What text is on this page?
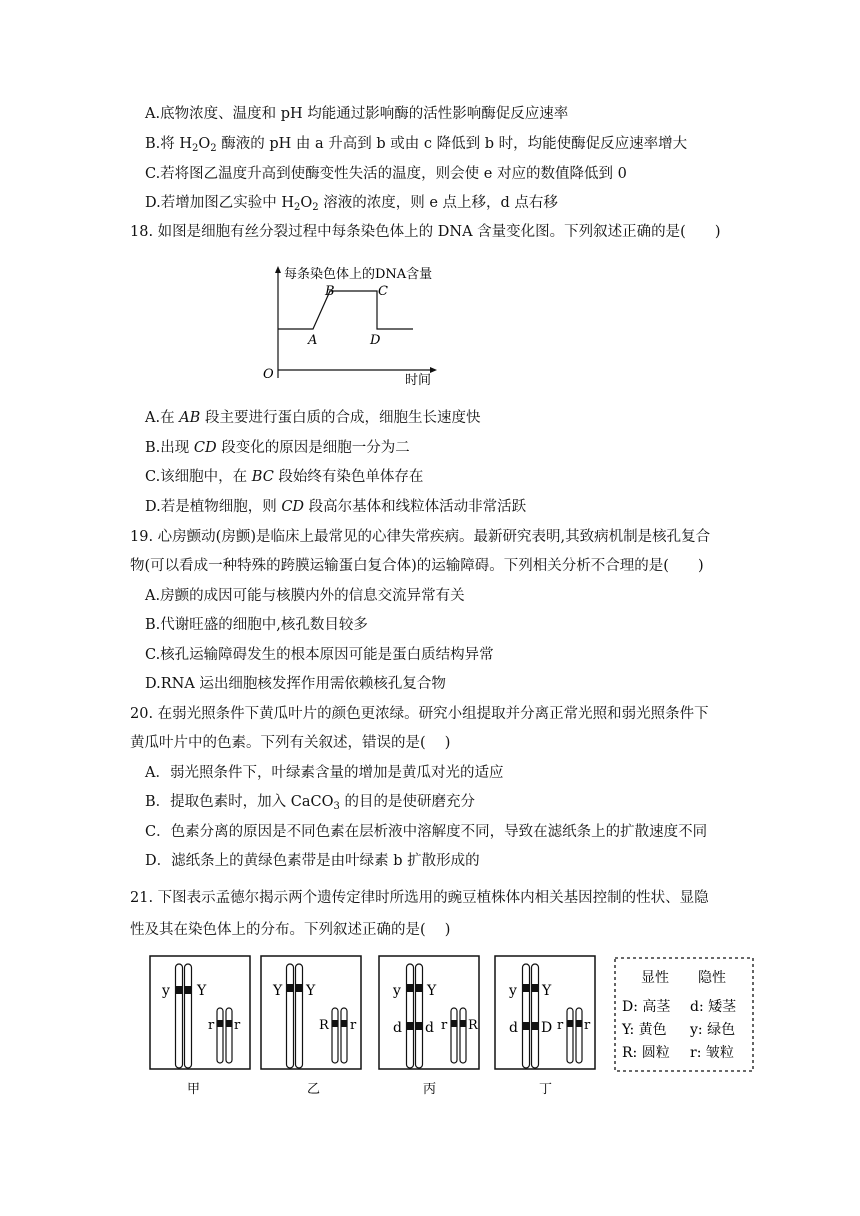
A.底物浓度、温度和 pH 均能通过影响酶的活性影响酶促反应速率
B.将 $H_2O_2$ 酶液的 pH 由 a 升高到 b 或由 c 降低到 b 时，均能使酶促反应速率增大
C.若将图乙温度升高到使酶变性失活的温度，则会使 e 对应的数值降低到 0
D.若增加图乙实验中 $H_2O_2$ 溶液的浓度，则 e 点上移，d 点右移
18. 如图是细胞有丝分裂过程中每条染色体上的 DNA 含量变化图。下列叙述正确的是(　　)
每条染色体上的DNA含量
时间
O
A
B	C
D
A.在 AB 段主要进行蛋白质的合成，细胞生长速度快
B.出现 CD 段变化的原因是细胞一分为二
C.该细胞中，在 BC 段始终有染色单体存在
D.若是植物细胞，则 CD 段高尔基体和线粒体活动非常活跃
19. 心房颤动(房颤)是临床上最常见的心律失常疾病。最新研究表明,其致病机制是核孔复合
物(可以看成一种特殊的跨膜运输蛋白复合体)的运输障碍。下列相关分析不合理的是(　　)
A.房颤的成因可能与核膜内外的信息交流异常有关
B.代谢旺盛的细胞中,核孔数目较多
C.核孔运输障碍发生的根本原因可能是蛋白质结构异常
D.RNA 运出细胞核发挥作用需依赖核孔复合物
20. 在弱光照条件下黄瓜叶片的颜色更浓绿。研究小组提取并分离正常光照和弱光照条件下
黄瓜叶片中的色素。下列有关叙述，错误的是(　 )
A．弱光照条件下，叶绿素含量的增加是黄瓜对光的适应
B．提取色素时，加入 CaCO$_3$ 的目的是使研磨充分
C．色素分离的原因是不同色素在层析液中溶解度不同，导致在滤纸条上的扩散速度不同
D．滤纸条上的黄绿色素带是由叶绿素 b 扩散形成的
21. 下图表示孟德尔揭示两个遗传定律时所选用的豌豆植株体内相关基因控制的性状、显隐
性及其在染色体上的分布。下列叙述正确的是(　 )
y Y
r r
甲
Y Y
R r
乙
y Y
d d r R
丙
y Y
d D r r
丁
显性 隐性
D: 高茎 d: 矮茎
Y: 黄色 y: 绿色
R: 圆粒 r: 皱粒
